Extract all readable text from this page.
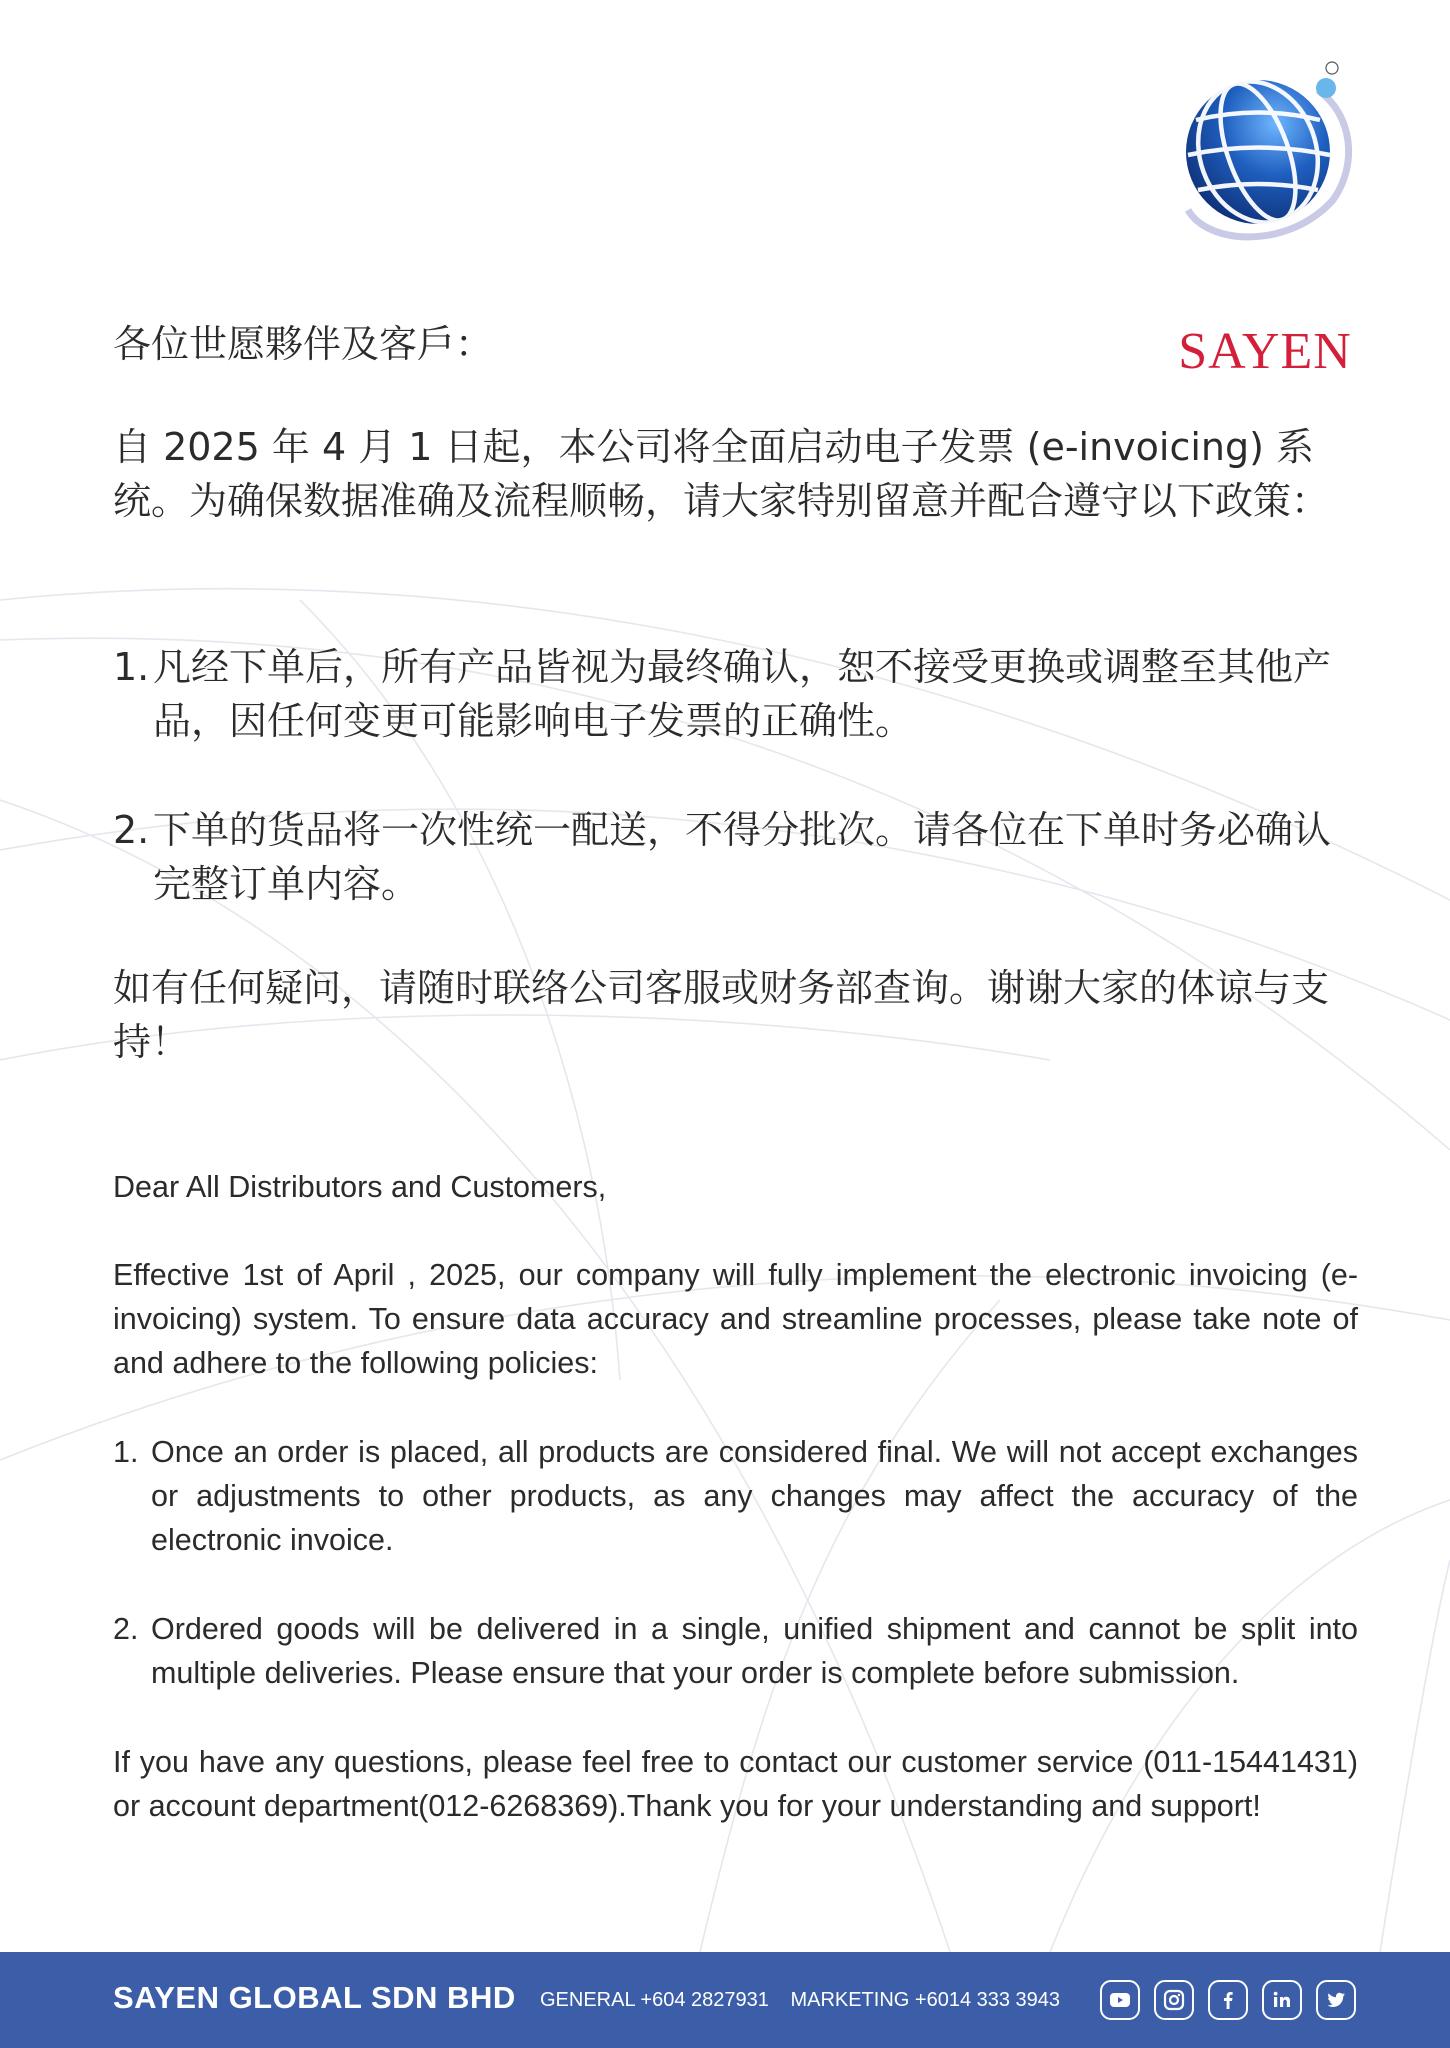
SAYEN
各位世愿夥伴及客戶：
自 2025 年 4 月 1 日起，本公司将全面启动电子发票 (e-invoicing) 系统。为确保数据准确及流程顺畅，请大家特别留意并配合遵守以下政策：
1. 凡经下单后，所有产品皆视为最终确认，恕不接受更换或调整至其他产品，因任何变更可能影响电子发票的正确性。
2. 下单的货品将一次性统一配送，不得分批次。请各位在下单时务必确认完整订单内容。
如有任何疑问，请随时联络公司客服或财务部查询。谢谢大家的体谅与支持！
Dear All Distributors and Customers,
Effective 1st of April , 2025, our company will fully implement the electronic invoicing (e-invoicing) system. To ensure data accuracy and streamline processes, please take note of and adhere to the following policies:
1. Once an order is placed, all products are considered final. We will not accept exchanges or adjustments to other products, as any changes may affect the accuracy of the electronic invoice.
2. Ordered goods will be delivered in a single, unified shipment and cannot be split into multiple deliveries. Please ensure that your order is complete before submission.
If you have any questions, please feel free to contact our customer service (011-15441431) or account department(012-6268369).Thank you for your understanding and support!
SAYEN GLOBAL SDN BHD GENERAL +604 2827931 MARKETING +6014 333 3943
